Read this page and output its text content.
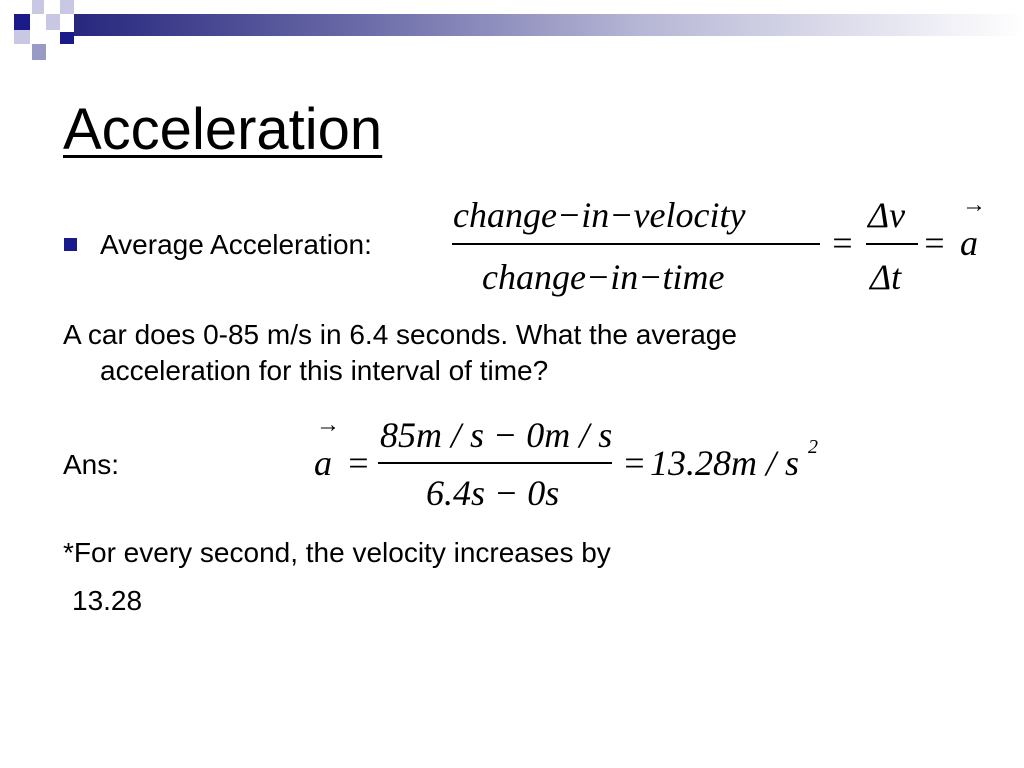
Acceleration
Average Acceleration:
change−in−velocity
change−in−time
=
Δv
Δt
=
→
a
A car does 0-85 m/s in 6.4 seconds. What the average
acceleration for this interval of time?
Ans:
→
a =
85m / s − 0m / s
6.4s − 0s
= 13.28m / s 2
*For every second, the velocity increases by
13.28
